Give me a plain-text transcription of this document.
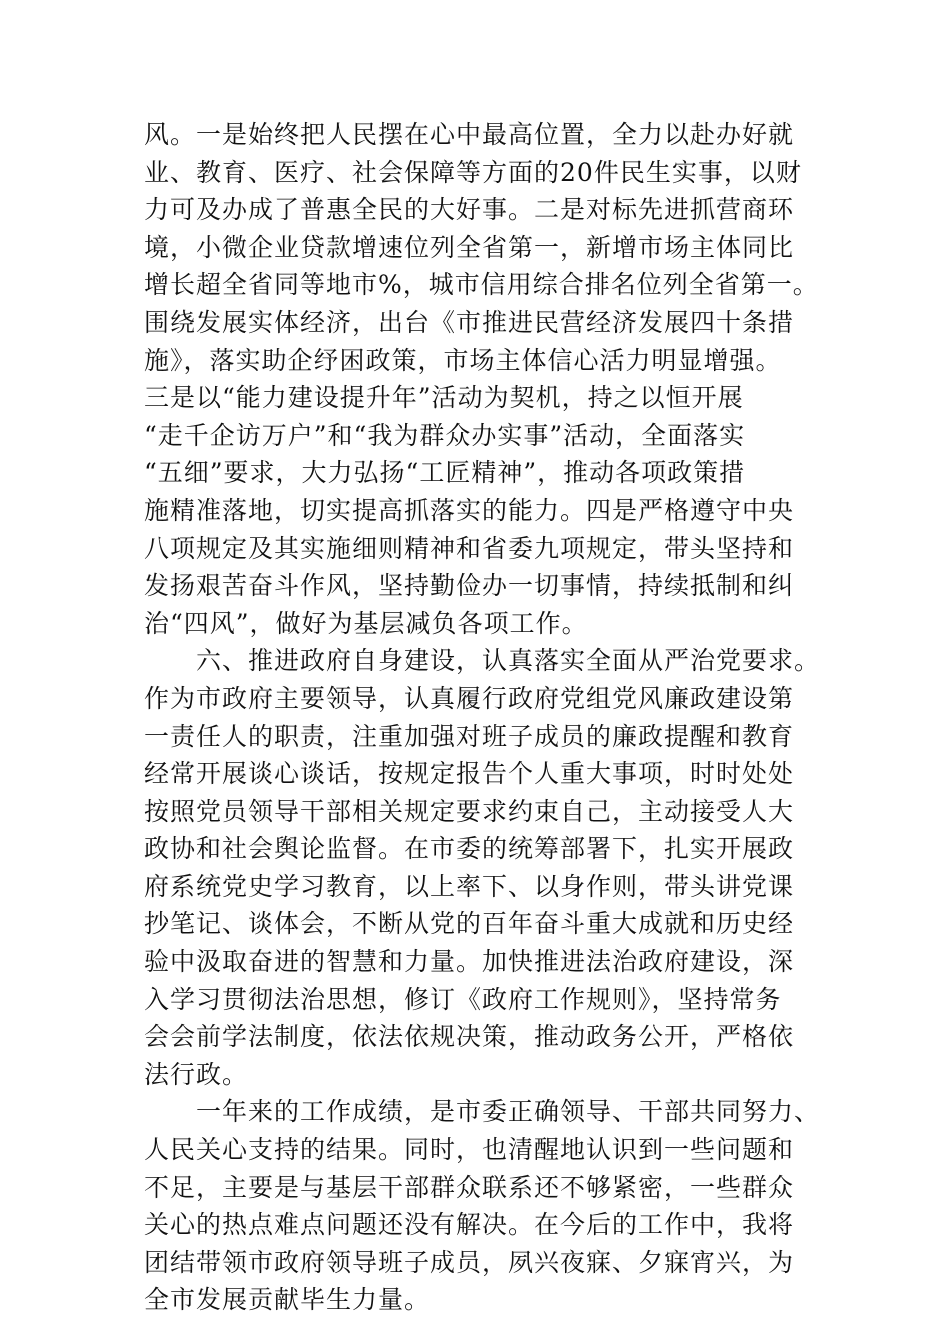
风。一是始终把人民摆在心中最高位置，全力以赴办好就
业、教育、医疗、社会保障等方面的20件民生实事，以财
力可及办成了普惠全民的大好事。二是对标先进抓营商环
境，小微企业贷款增速位列全省第一，新增市场主体同比
增长超全省同等地市%，城市信用综合排名位列全省第一。
围绕发展实体经济，出台《市推进民营经济发展四十条措
施》，落实助企纾困政策，市场主体信心活力明显增强。
三是以“能力建设提升年”活动为契机，持之以恒开展
“走千企访万户”和“我为群众办实事”活动，全面落实
“五细”要求，大力弘扬“工匠精神”，推动各项政策措
施精准落地，切实提高抓落实的能力。四是严格遵守中央
八项规定及其实施细则精神和省委九项规定，带头坚持和
发扬艰苦奋斗作风，坚持勤俭办一切事情，持续抵制和纠
治“四风”，做好为基层减负各项工作。
六、推进政府自身建设，认真落实全面从严治党要求。
作为市政府主要领导，认真履行政府党组党风廉政建设第
一责任人的职责，注重加强对班子成员的廉政提醒和教育
经常开展谈心谈话，按规定报告个人重大事项，时时处处
按照党员领导干部相关规定要求约束自己，主动接受人大
政协和社会舆论监督。在市委的统筹部署下，扎实开展政
府系统党史学习教育，以上率下、以身作则，带头讲党课
抄笔记、谈体会，不断从党的百年奋斗重大成就和历史经
验中汲取奋进的智慧和力量。加快推进法治政府建设，深
入学习贯彻法治思想，修订《政府工作规则》，坚持常务
会会前学法制度，依法依规决策，推动政务公开，严格依
法行政。
一年来的工作成绩，是市委正确领导、干部共同努力、
人民关心支持的结果。同时，也清醒地认识到一些问题和
不足，主要是与基层干部群众联系还不够紧密，一些群众
关心的热点难点问题还没有解决。在今后的工作中，我将
团结带领市政府领导班子成员，夙兴夜寐、夕寐宵兴，为
全市发展贡献毕生力量。
